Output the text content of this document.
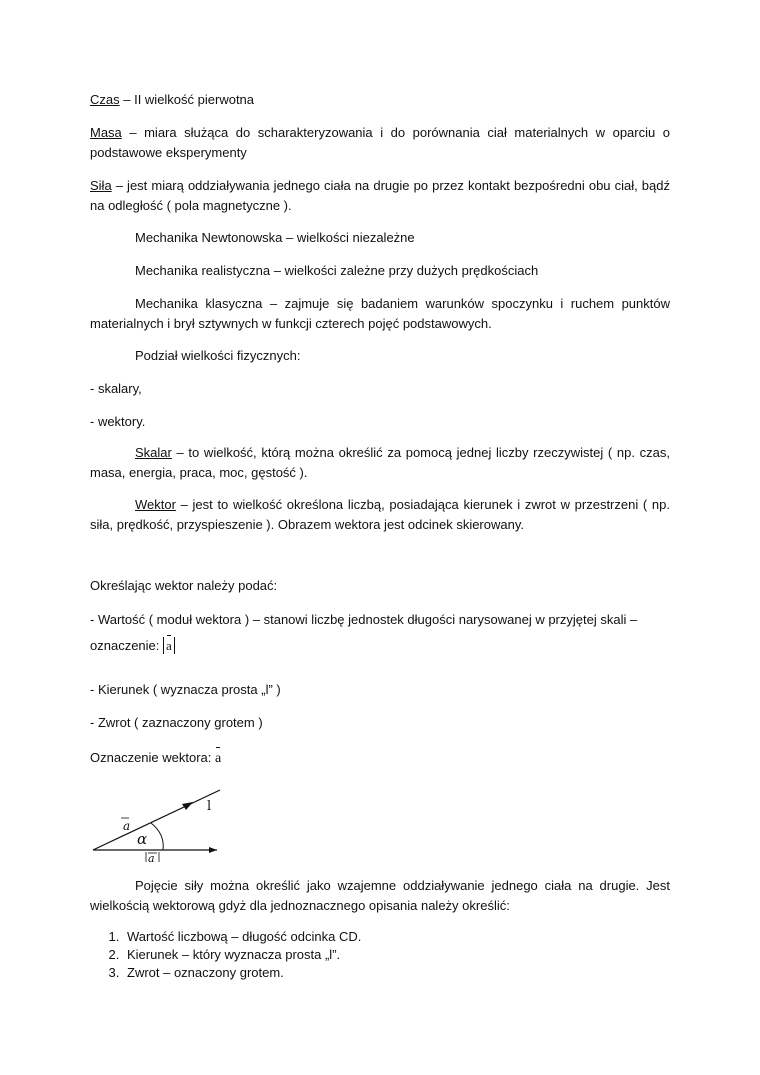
Czas – II wielkość pierwotna

Masa – miara służąca do scharakteryzowania i do porównania ciał materialnych w oparciu o podstawowe eksperymenty

Siła – jest miarą oddziaływania jednego ciała na drugie po przez kontakt bezpośredni obu ciał, bądź na odległość ( pola magnetyczne ).

Mechanika Newtonowska – wielkości niezależne

Mechanika realistyczna – wielkości zależne przy dużych prędkościach

Mechanika klasyczna – zajmuje się badaniem warunków spoczynku i ruchem punktów materialnych i brył sztywnych w funkcji czterech pojęć podstawowych.

Podział wielkości fizycznych:

- skalary,

- wektory.

Skalar – to wielkość, którą można określić za pomocą jednej liczby rzeczywistej ( np. czas, masa, energia, praca, moc, gęstość ).

Wektor – jest to wielkość określona liczbą, posiadająca kierunek i zwrot w przestrzeni ( np. siła, prędkość, przyspieszenie ). Obrazem wektora jest odcinek skierowany.

Określając wektor należy podać:

- Wartość ( moduł wektora ) – stanowi liczbę jednostek długości narysowanej w przyjętej skali –

oznaczenie: a

- Kierunek ( wyznacza prosta „l” )

- Zwrot ( zaznaczony grotem )

Oznaczenie wektora: a

a
α
l
a

Pojęcie siły można określić jako wzajemne oddziaływanie jednego ciała na drugie. Jest wielkością wektorową gdyż dla jednoznacznego opisania należy określić:

1. Wartość liczbową – długość odcinka CD.
2. Kierunek – który wyznacza prosta „l”.
3. Zwrot – oznaczony grotem.
